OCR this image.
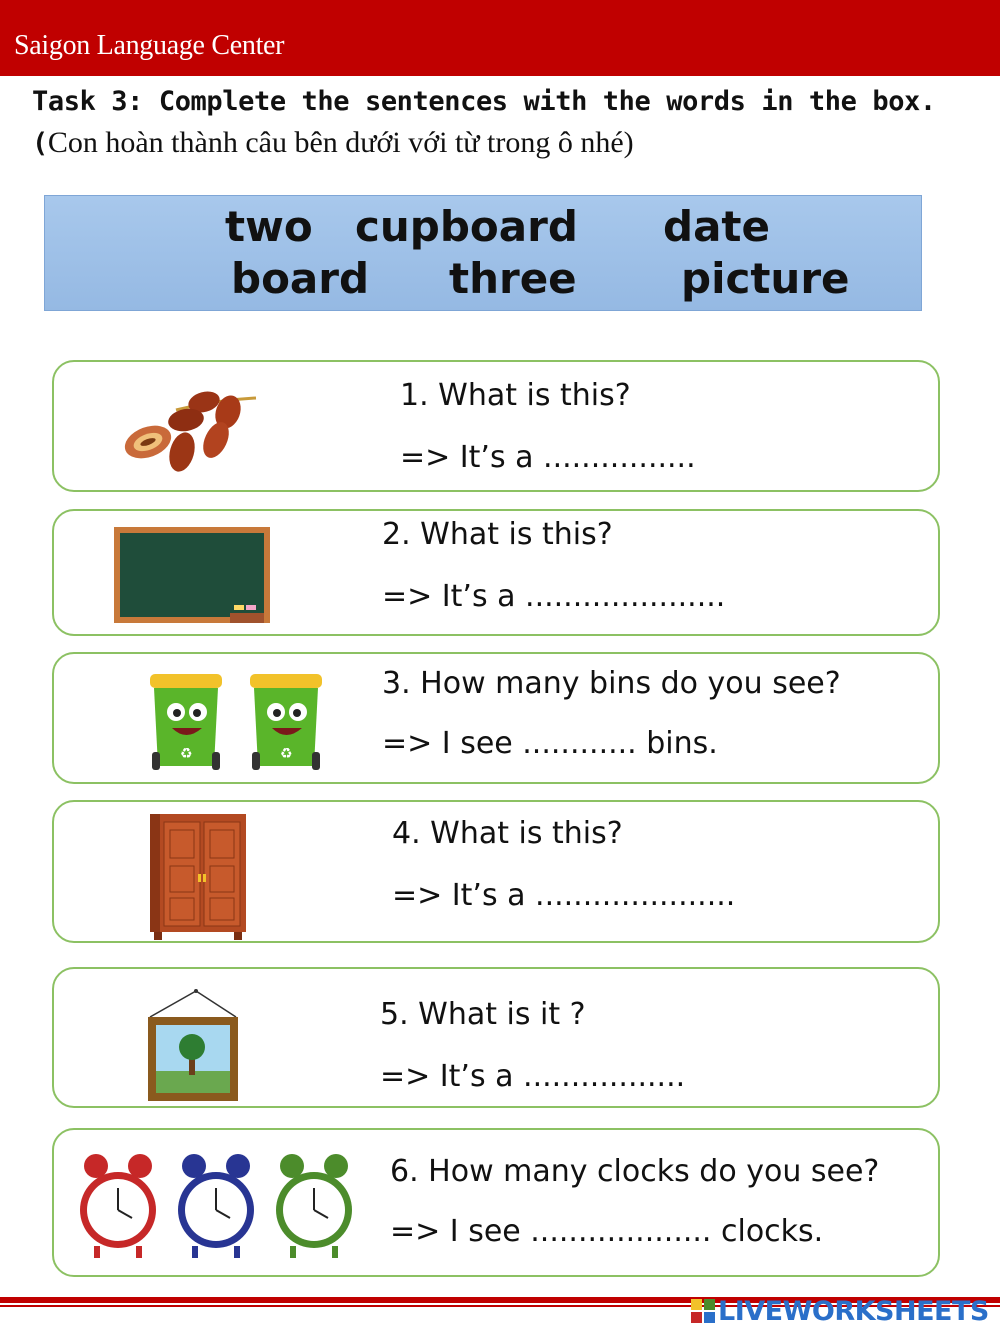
Saigon Language Center
Task 3: Complete the sentences with the words in the box. (Con hoàn thành câu bên dưới với từ trong ô nhé)
two cupboard date
board three picture
1. What is this?
=> It’s a ................
2. What is this?
=> It’s a .....................
♻	♻
3. How many bins do you see?
=> I see ............ bins.
4. What is this?
=> It’s a .....................
5. What is it ?
=> It’s a .................
6. How many clocks do you see?
=> I see ................... clocks.
LIVEWORKSHEETS
